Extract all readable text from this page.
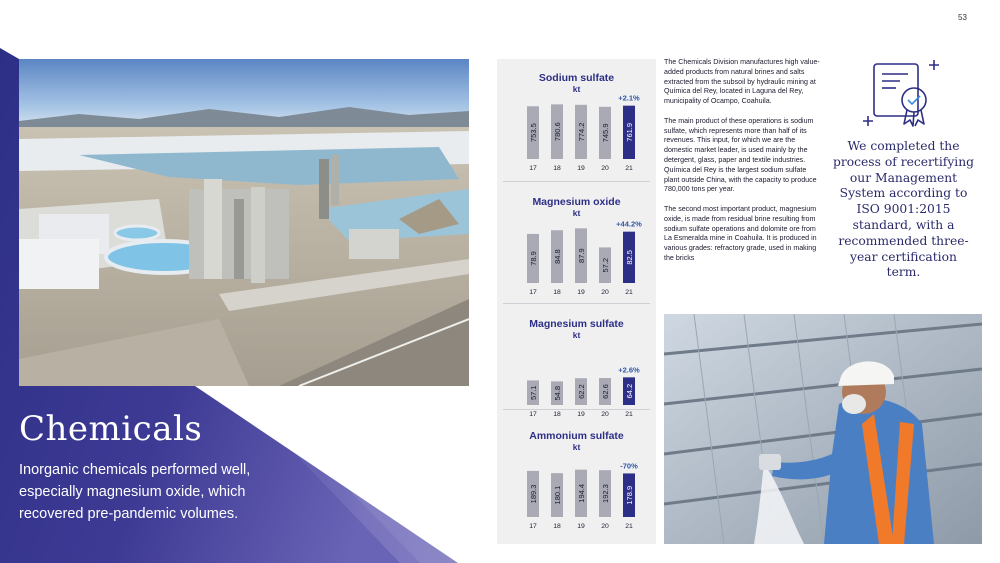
53
Chemicals
Inorganic chemicals performed well, especially magnesium oxide, which recovered pre-pandemic volumes.
Sodium sulfate
kt
753.5
17
780.6
18
774.2
19
745.9
20
761.9
21
+2.1%
Magnesium oxide
kt
78.9
17
84.8
18
87.9
19
57.2
20
82.5
21
+44.2%
Magnesium sulfate
kt
57.1
17
54.8
18
62.2
19
62.6
20
64.2
21
+2.6%
Ammonium sulfate
kt
189.3
17
180.1
18
194.4
19
192.3
20
178.9
21
-70%

The Chemicals Division manufactures high value-added products from natural brines and salts extracted from the subsoil by hydraulic mining at Química del Rey, located in Laguna del Rey, municipality of Ocampo, Coahuila.

The main product of these operations is sodium sulfate, which represents more than half of its revenues. This input, for which we are the domestic market leader, is used mainly by the detergent, glass, paper and textile industries. Química del Rey is the largest sodium sulfate plant outside China, with the capacity to produce 780,000 tons per year.

The second most important product, magnesium oxide, is made from residual brine resulting from sodium sulfate operations and dolomite ore from La Esmeralda mine in Coahuila. It is produced in various grades: refractory grade, used in making the bricks

We completed the process of recertifying our Management System according to ISO 9001:2015 standard, with a recommended three-year certification term.
